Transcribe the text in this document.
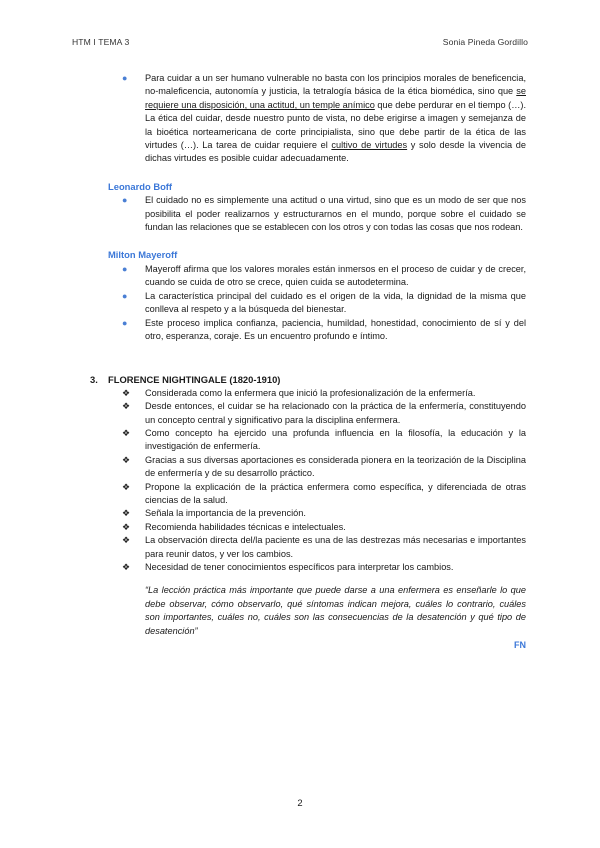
HTM I TEMA 3	Sonia Pineda Gordillo
● Para cuidar a un ser humano vulnerable no basta con los principios morales de beneficencia, no-maleficencia, autonomía y justicia, la tetralogía básica de la ética biomédica, sino que se requiere una disposición, una actitud, un temple anímico que debe perdurar en el tiempo (…). La ética del cuidar, desde nuestro punto de vista, no debe erigirse a imagen y semejanza de la bioética norteamericana de corte principialista, sino que debe partir de la ética de las virtudes (…). La tarea de cuidar requiere el cultivo de virtudes y solo desde la vivencia de dichas virtudes es posible cuidar adecuadamente.
Leonardo Boff
● El cuidado no es simplemente una actitud o una virtud, sino que es un modo de ser que nos posibilita el poder realizarnos y estructurarnos en el mundo, porque sobre el cuidado se fundan las relaciones que se establecen con los otros y con todas las cosas que nos rodean.
Milton Mayeroff
● Mayeroff afirma que los valores morales están inmersos en el proceso de cuidar y de crecer, cuando se cuida de otro se crece, quien cuida se autodetermina.
● La característica principal del cuidado es el origen de la vida, la dignidad de la misma que conlleva al respeto y a la búsqueda del bienestar.
● Este proceso implica confianza, paciencia, humildad, honestidad, conocimiento de sí y del otro, esperanza, coraje. Es un encuentro profundo e íntimo.
3. FLORENCE NIGHTINGALE (1820-1910)
❖ Considerada como la enfermera que inició la profesionalización de la enfermería.
❖ Desde entonces, el cuidar se ha relacionado con la práctica de la enfermería, constituyendo un concepto central y significativo para la disciplina enfermera.
❖ Como concepto ha ejercido una profunda influencia en la filosofía, la educación y la investigación de enfermería.
❖ Gracias a sus diversas aportaciones es considerada pionera en la teorización de la Disciplina de enfermería y de su desarrollo práctico.
❖ Propone la explicación de la práctica enfermera como específica, y diferenciada de otras ciencias de la salud.
❖ Señala la importancia de la prevención.
❖ Recomienda habilidades técnicas e intelectuales.
❖ La observación directa del/la paciente es una de las destrezas más necesarias e importantes para reunir datos, y ver los cambios.
❖ Necesidad de tener conocimientos específicos para interpretar los cambios.
“La lección práctica más importante que puede darse a una enfermera es enseñarle lo que debe observar, cómo observarlo, qué síntomas indican mejora, cuáles lo contrario, cuáles son importantes, cuáles no, cuáles son las consecuencias de la desatención y qué tipo de desatención”
FN
2
